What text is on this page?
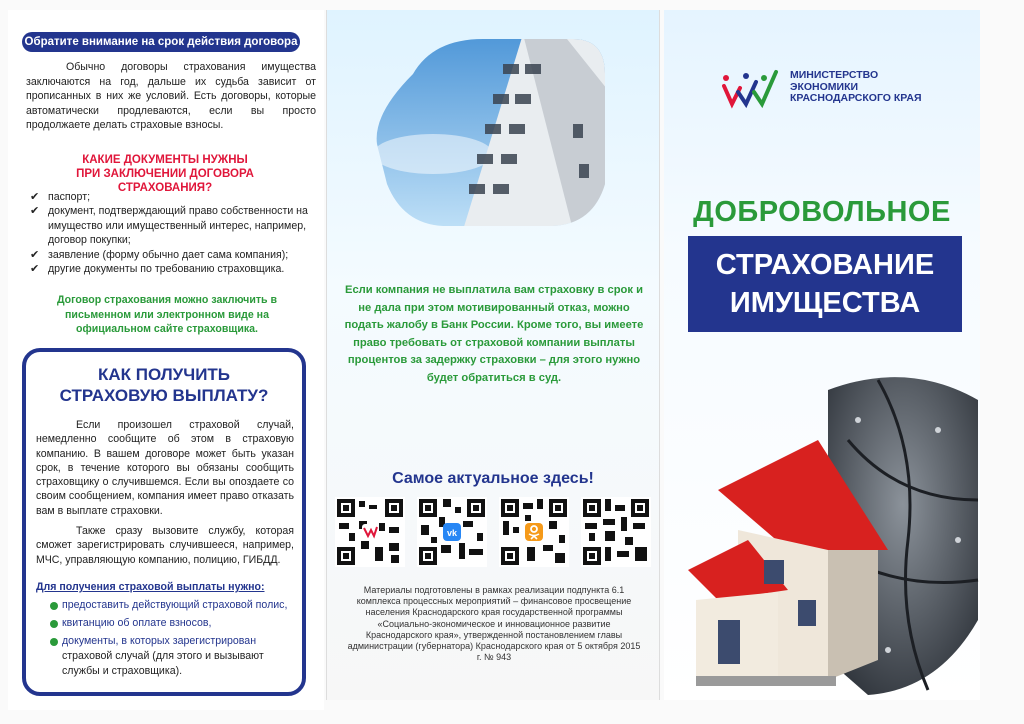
Обратите внимание на срок действия договора

Обычно договоры страхования имущества заключаются на год, дальше их судьба зависит от прописанных в них же условий. Есть договоры, которые автоматически продлеваются, если вы просто продолжаете делать страховые взносы.

КАКИЕ ДОКУМЕНТЫ НУЖНЫ
ПРИ ЗАКЛЮЧЕНИИ ДОГОВОРА СТРАХОВАНИЯ?
✔ паспорт;
✔ документ, подтверждающий право собственности на имущество или имущественный интерес, например, договор покупки;
✔ заявление (форму обычно дает сама компания);
✔ другие документы по требованию страховщика.

Договор страхования можно заключить в письменном или электронном виде на официальном сайте страховщика.

КАК ПОЛУЧИТЬ
СТРАХОВУЮ ВЫПЛАТУ?

Если произошел страховой случай, немедленно сообщите об этом в страховую компанию. В вашем договоре может быть указан срок, в течение которого вы обязаны сообщить страховщику о случившемся. Если вы опоздаете со своим сообщением, компания имеет право отказать вам в выплате страховки.

Также сразу вызовите службу, которая сможет зарегистрировать случившееся, например, МЧС, управляющую компанию, полицию, ГИБДД.

Для получения страховой выплаты нужно:
предоставить действующий страховой полис,
квитанцию об оплате взносов,
документы, в которых зарегистрирован страховой случай (для этого и вызывают службы и страховщика).

Если компания не выплатила вам страховку в срок и не дала при этом мотивированный отказ, можно подать жалобу в Банк России. Кроме того, вы имеете право требовать от страховой компании выплаты процентов за задержку страховки – для этого нужно будет обратиться в суд.

Самое актуальное здесь!
vk

Материалы подготовлены в рамках реализации подпункта 6.1 комплекса процессных мероприятий – финансовое просвещение населения Краснодарского края государственной программы «Социально-экономическое и инновационное развитие Краснодарского края», утвержденной постановлением главы администрации (губернатора) Краснодарского края от 5 октября 2015 г. № 943

МИНИСТЕРСТВО
ЭКОНОМИКИ
КРАСНОДАРСКОГО КРАЯ
ДОБРОВОЛЬНОЕ
СТРАХОВАНИЕ
ИМУЩЕСТВА
